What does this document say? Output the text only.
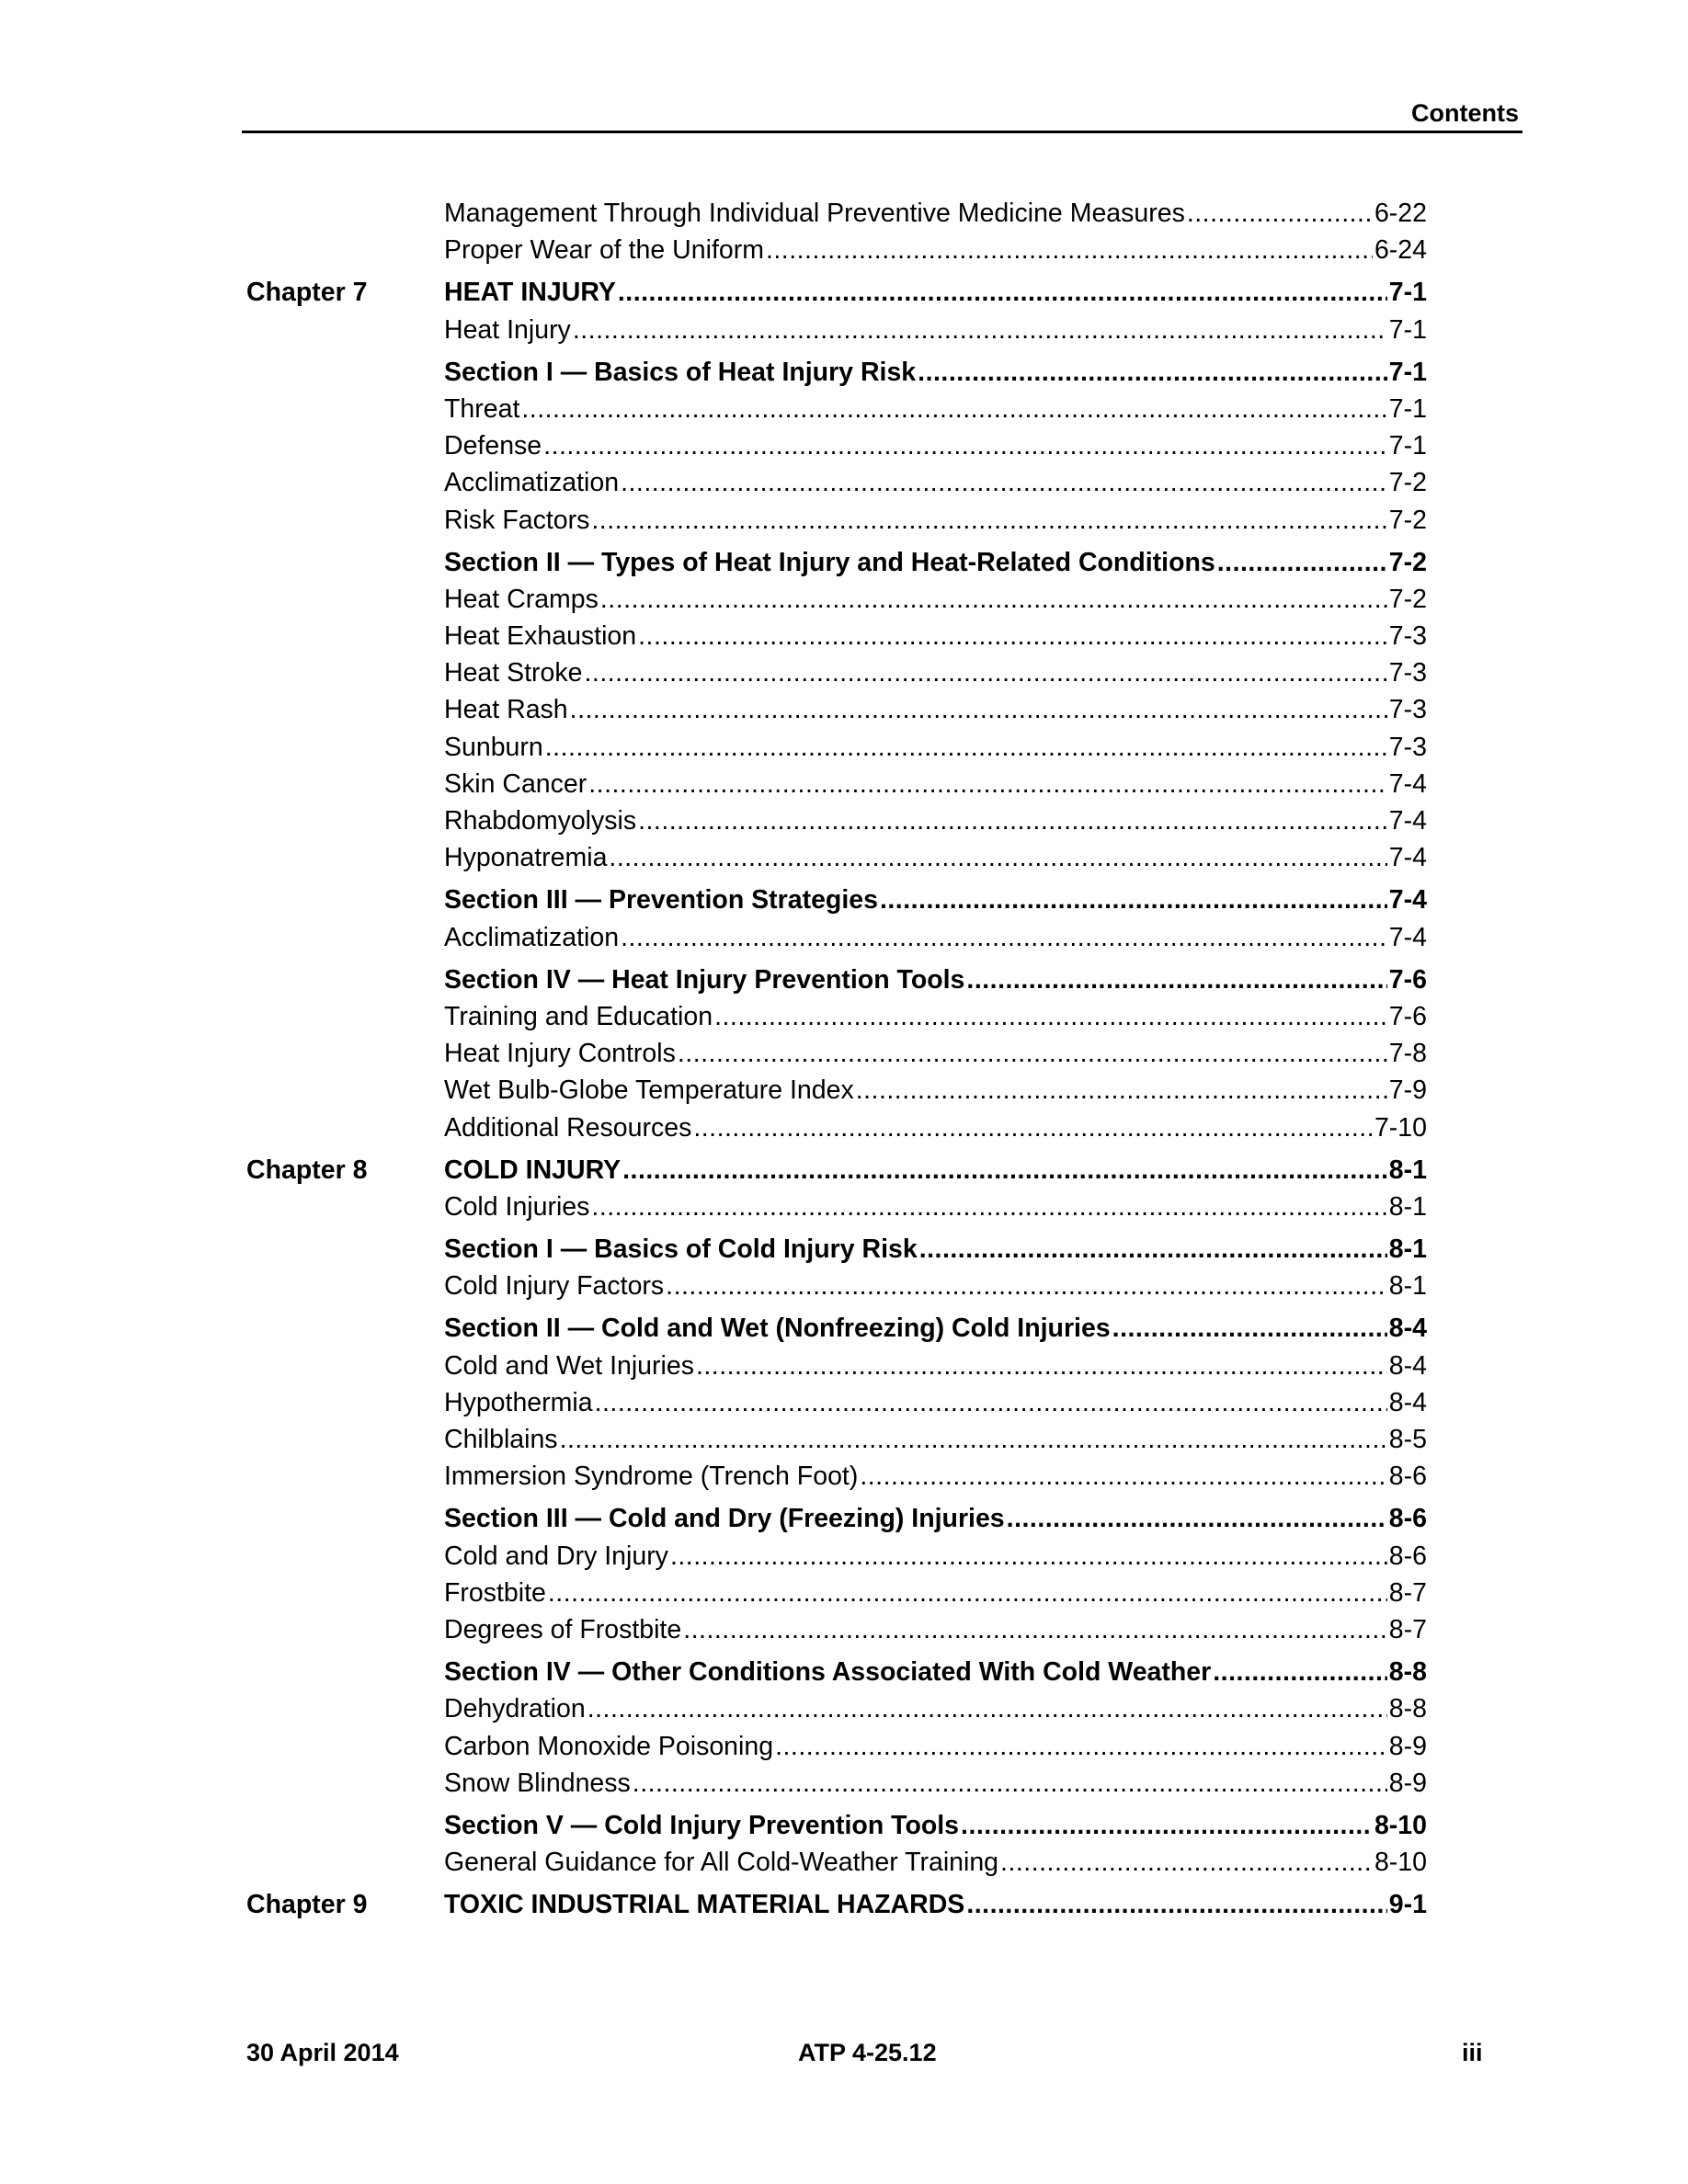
Contents
Management Through Individual Preventive Medicine Measures .....	6-22
Proper Wear of the Uniform .....	6-24
Chapter 7	HEAT INJURY .....	7-1
Heat Injury .....	7-1
Section I — Basics of Heat Injury Risk .....	7-1
Threat .....	7-1
Defense .....	7-1
Acclimatization .....	7-2
Risk Factors .....	7-2
Section II — Types of Heat Injury and Heat-Related Conditions .....	7-2
Heat Cramps .....	7-2
Heat Exhaustion .....	7-3
Heat Stroke .....	7-3
Heat Rash .....	7-3
Sunburn .....	7-3
Skin Cancer .....	7-4
Rhabdomyolysis .....	7-4
Hyponatremia .....	7-4
Section III — Prevention Strategies .....	7-4
Acclimatization .....	7-4
Section IV — Heat Injury Prevention Tools .....	7-6
Training and Education .....	7-6
Heat Injury Controls .....	7-8
Wet Bulb-Globe Temperature Index .....	7-9
Additional Resources .....	7-10
Chapter 8	COLD INJURY .....	8-1
Cold Injuries .....	8-1
Section I — Basics of Cold Injury Risk .....	8-1
Cold Injury Factors .....	8-1
Section II — Cold and Wet (Nonfreezing) Cold Injuries .....	8-4
Cold and Wet Injuries .....	8-4
Hypothermia .....	8-4
Chilblains .....	8-5
Immersion Syndrome (Trench Foot) .....	8-6
Section III — Cold and Dry (Freezing) Injuries .....	8-6
Cold and Dry Injury .....	8-6
Frostbite .....	8-7
Degrees of Frostbite .....	8-7
Section IV — Other Conditions Associated With Cold Weather .....	8-8
Dehydration .....	8-8
Carbon Monoxide Poisoning .....	8-9
Snow Blindness .....	8-9
Section V — Cold Injury Prevention Tools .....	8-10
General Guidance for All Cold-Weather Training .....	8-10
Chapter 9	TOXIC INDUSTRIAL MATERIAL HAZARDS .....	9-1
30 April 2014	ATP 4-25.12	iii
